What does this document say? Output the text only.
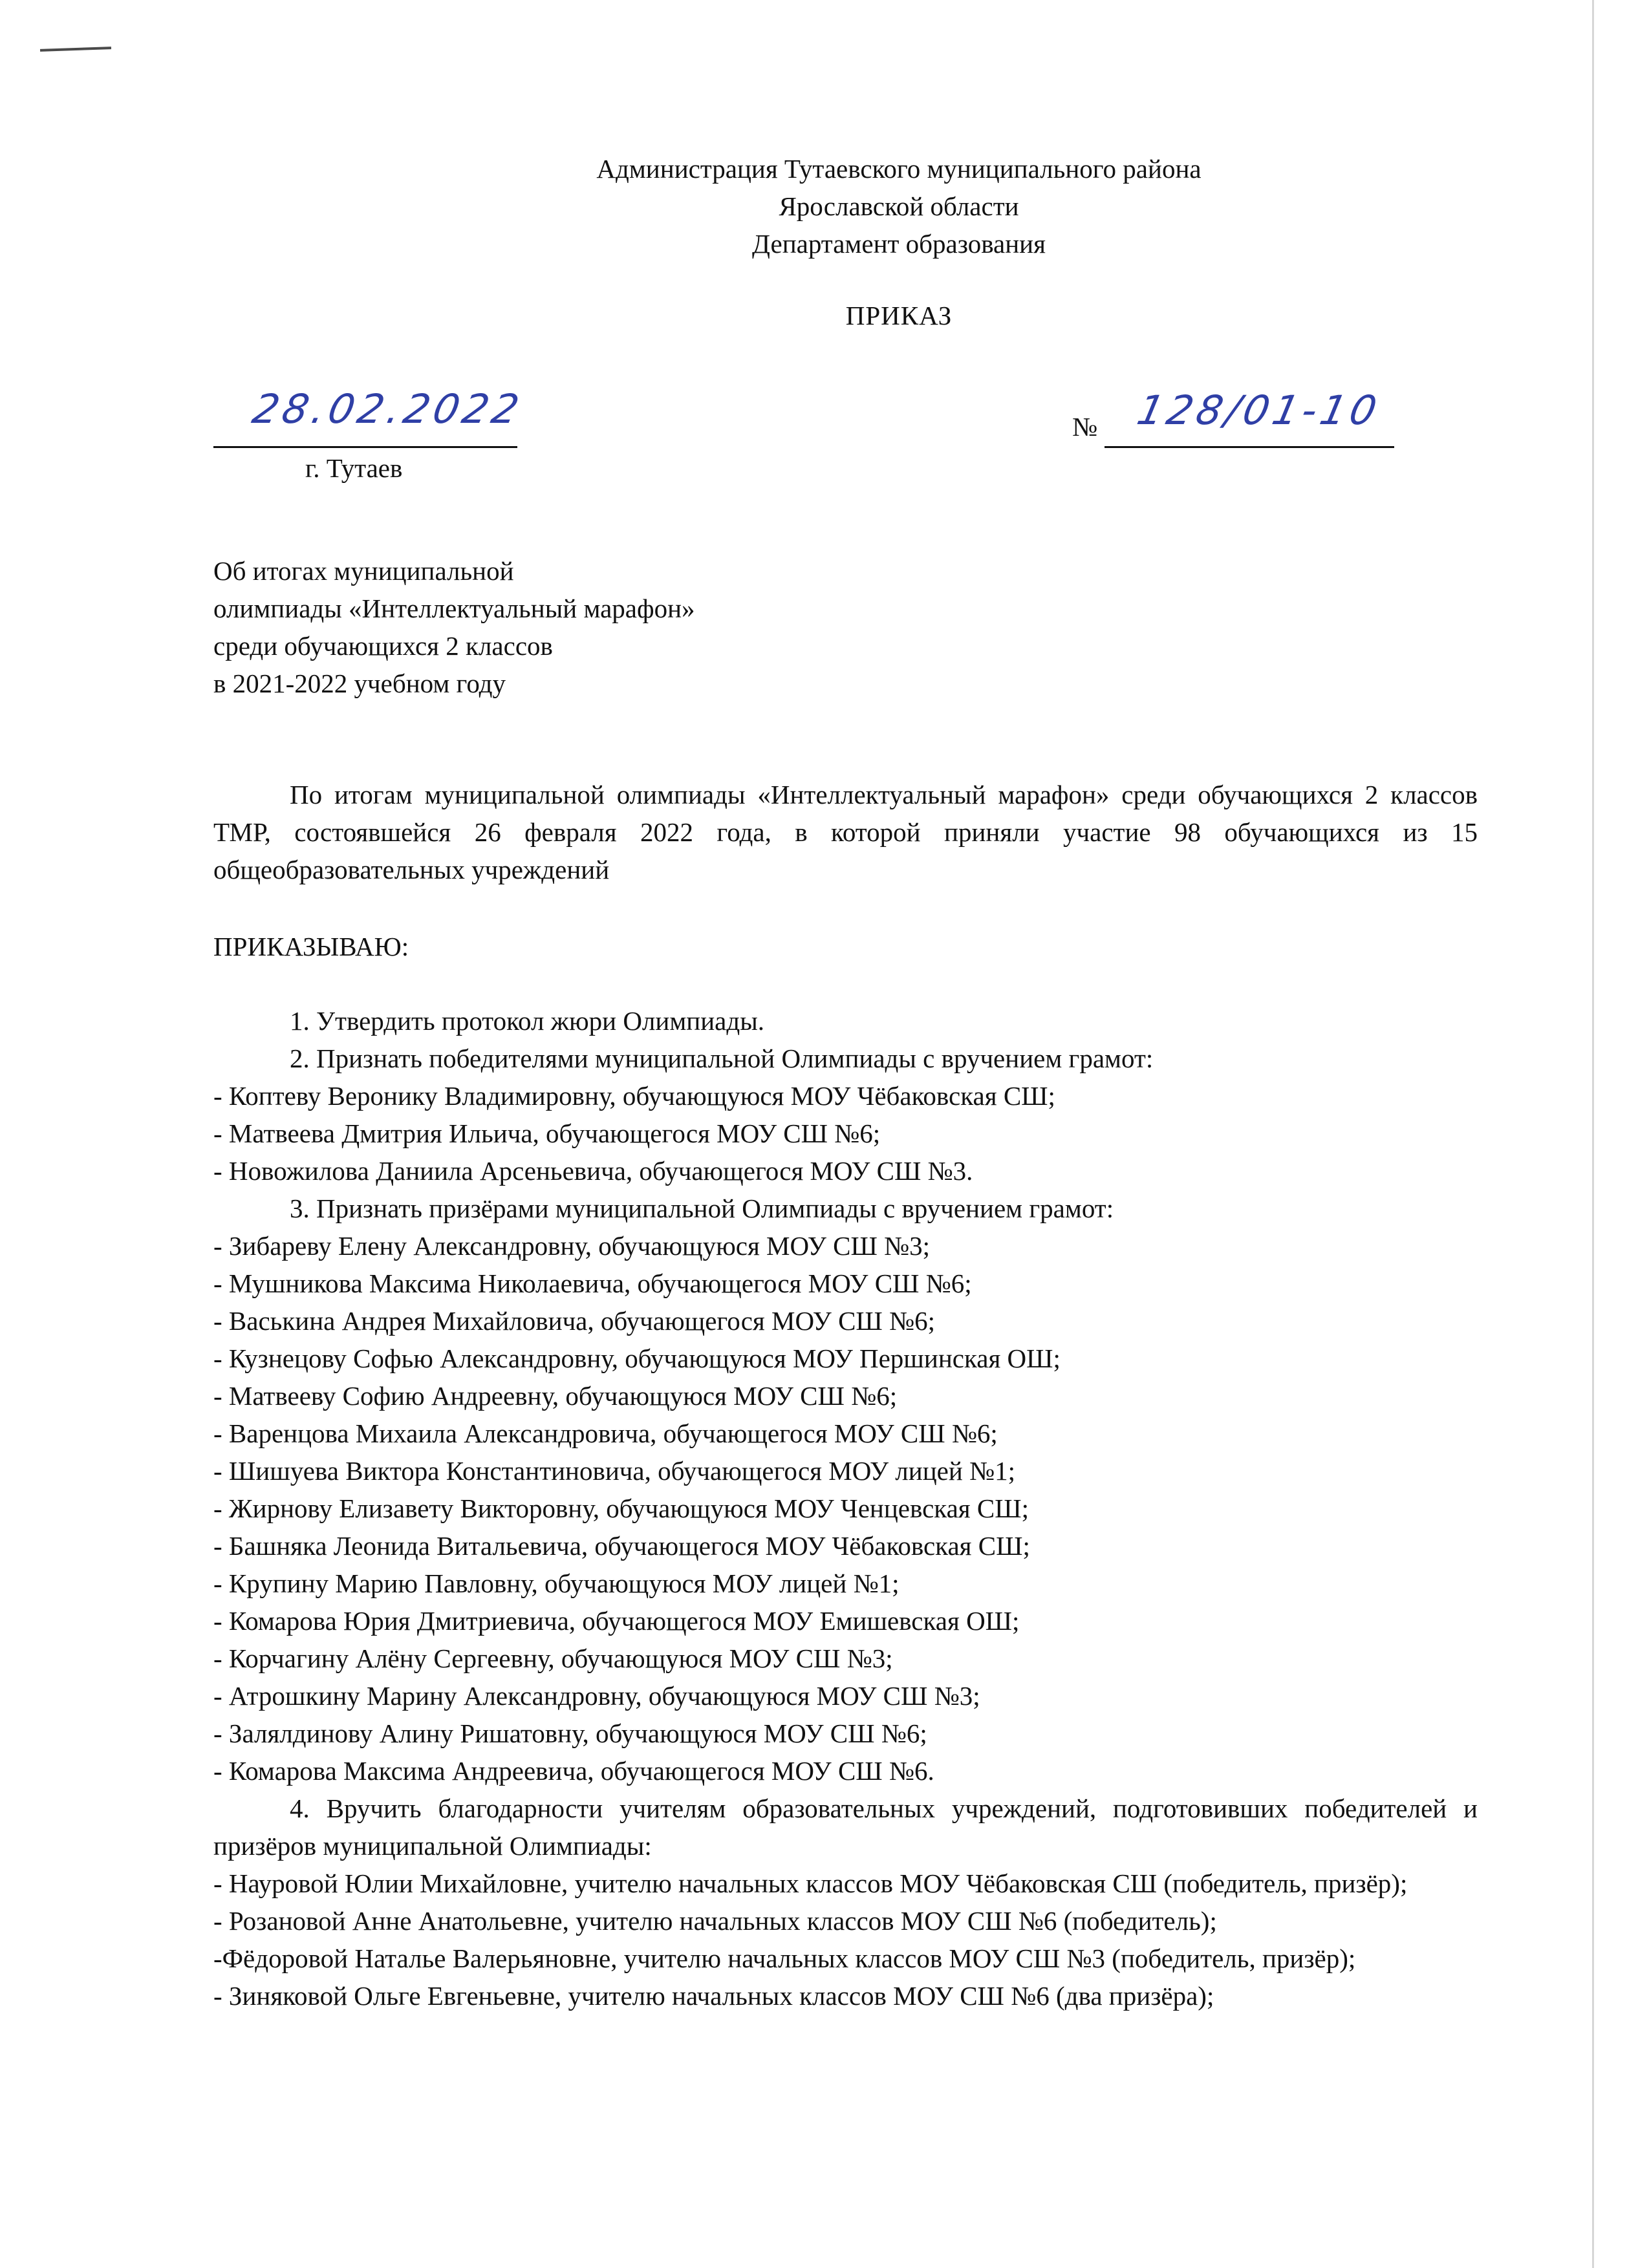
Администрация Тутаевского муниципального района
Ярославской области
Департамент образования
ПРИКАЗ
28.02.2022
г. Тутаев
№ 128/01-10
Об итогах муниципальной
олимпиады «Интеллектуальный марафон»
среди обучающихся 2 классов
в 2021-2022 учебном году

По итогам муниципальной олимпиады «Интеллектуальный марафон» среди обучающихся 2 классов ТМР, состоявшейся 26 февраля 2022 года, в которой приняли участие 98 обучающихся из 15 общеобразовательных учреждений

ПРИКАЗЫВАЮ:

1. Утвердить протокол жюри Олимпиады.

2. Признать победителями муниципальной Олимпиады с вручением грамот:

- Коптеву Веронику Владимировну, обучающуюся МОУ Чёбаковская СШ;

- Матвеева Дмитрия Ильича, обучающегося МОУ СШ №6;

- Новожилова Даниила Арсеньевича, обучающегося МОУ СШ №3.

3. Признать призёрами муниципальной Олимпиады с вручением грамот:

- Зибареву Елену Александровну, обучающуюся МОУ СШ №3;

- Мушникова Максима Николаевича, обучающегося МОУ СШ №6;

- Васькина Андрея Михайловича, обучающегося МОУ СШ №6;

- Кузнецову Софью Александровну, обучающуюся МОУ Першинская ОШ;

- Матвееву Софию Андреевну, обучающуюся МОУ СШ №6;

- Варенцова Михаила Александровича, обучающегося МОУ СШ №6;

- Шишуева Виктора Константиновича, обучающегося МОУ лицей №1;

- Жирнову Елизавету Викторовну, обучающуюся МОУ Ченцевская СШ;

- Башняка Леонида Витальевича, обучающегося МОУ Чёбаковская СШ;

- Крупину Марию Павловну, обучающуюся МОУ лицей №1;

- Комарова Юрия Дмитриевича, обучающегося МОУ Емишевская ОШ;

- Корчагину Алёну Сергеевну, обучающуюся МОУ СШ №3;

- Атрошкину Марину Александровну, обучающуюся МОУ СШ №3;

- Залялдинову Алину Ришатовну, обучающуюся МОУ СШ №6;

- Комарова Максима Андреевича, обучающегося МОУ СШ №6.

4. Вручить благодарности учителям образовательных учреждений, подготовивших победителей и призёров муниципальной Олимпиады:

- Науровой Юлии Михайловне, учителю начальных классов МОУ Чёбаковская СШ (победитель, призёр);

- Розановой Анне Анатольевне, учителю начальных классов МОУ СШ №6 (победитель);

-Фёдоровой Наталье Валерьяновне, учителю начальных классов МОУ СШ №3 (победитель, призёр);

- Зиняковой Ольге Евгеньевне, учителю начальных классов МОУ СШ №6 (два призёра);
